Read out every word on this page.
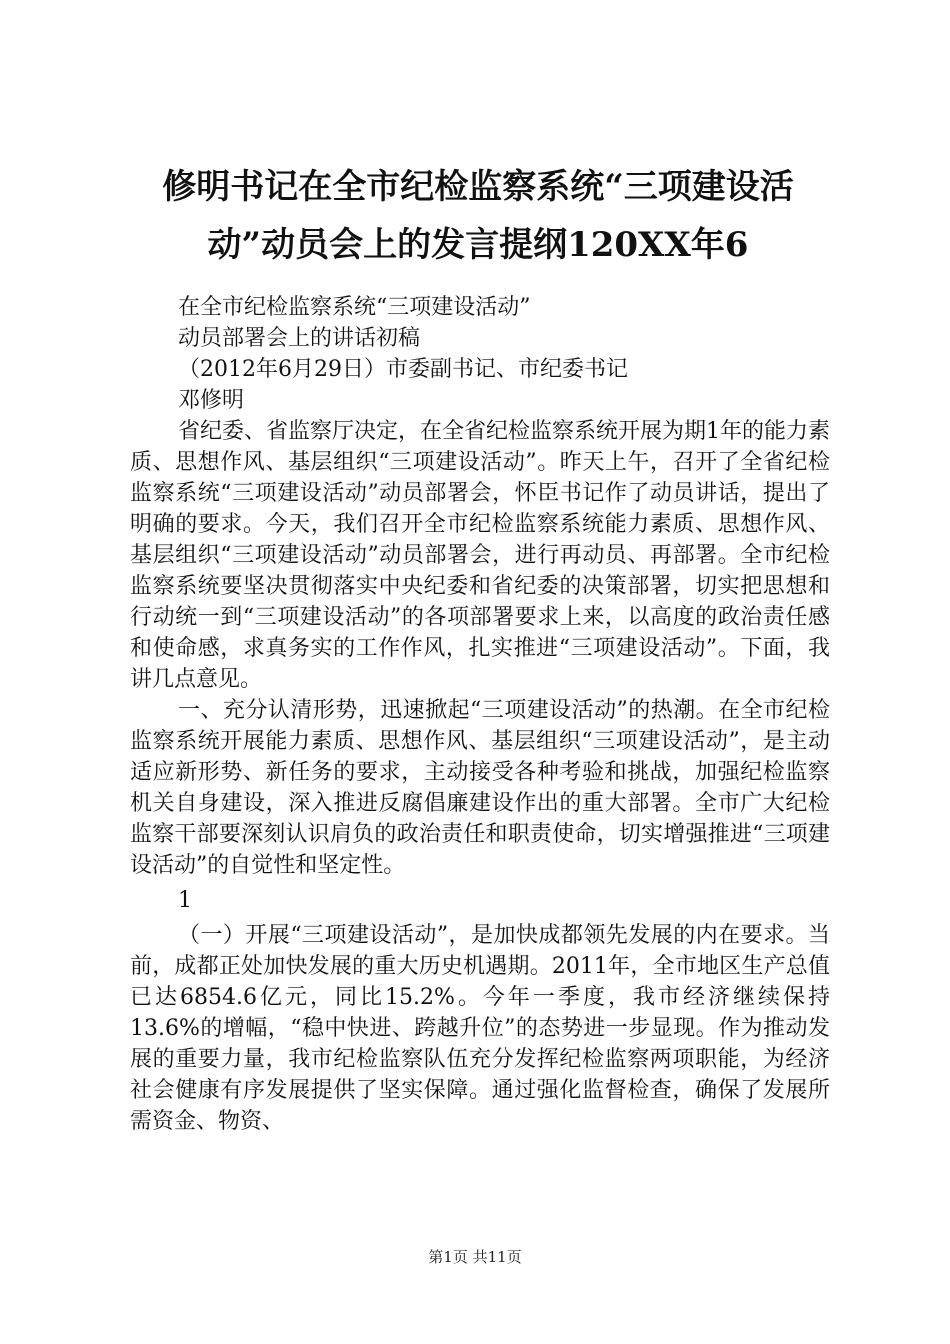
修明书记在全市纪检监察系统“三项建设活
动”动员会上的发言提纲120XX年6

在全市纪检监察系统“三项建设活动”

动员部署会上的讲话初稿

（2012年6月29日）市委副书记、市纪委书记

邓修明

省纪委、省监察厅决定，在全省纪检监察系统开展为期1年的能力素质、思想作风、基层组织“三项建设活动”。昨天上午，召开了全省纪检监察系统“三项建设活动”动员部署会，怀臣书记作了动员讲话，提出了明确的要求。今天，我们召开全市纪检监察系统能力素质、思想作风、基层组织“三项建设活动”动员部署会，进行再动员、再部署。全市纪检监察系统要坚决贯彻落实中央纪委和省纪委的决策部署，切实把思想和行动统一到“三项建设活动”的各项部署要求上来，以高度的政治责任感和使命感，求真务实的工作作风，扎实推进“三项建设活动”。下面，我讲几点意见。

一、充分认清形势，迅速掀起“三项建设活动”的热潮。在全市纪检监察系统开展能力素质、思想作风、基层组织“三项建设活动”，是主动适应新形势、新任务的要求，主动接受各种考验和挑战，加强纪检监察机关自身建设，深入推进反腐倡廉建设作出的重大部署。全市广大纪检监察干部要深刻认识肩负的政治责任和职责使命，切实增强推进“三项建设活动”的自觉性和坚定性。

1

（一）开展“三项建设活动”，是加快成都领先发展的内在要求。当前，成都正处加快发展的重大历史机遇期。2011年，全市地区生产总值已达6854.6亿元，同比15.2%。今年一季度，我市经济继续保持13.6%的增幅，“稳中快进、跨越升位”的态势进一步显现。作为推动发展的重要力量，我市纪检监察队伍充分发挥纪检监察两项职能，为经济社会健康有序发展提供了坚实保障。通过强化监督检查，确保了发展所需资金、物资、

第1页 共11页
